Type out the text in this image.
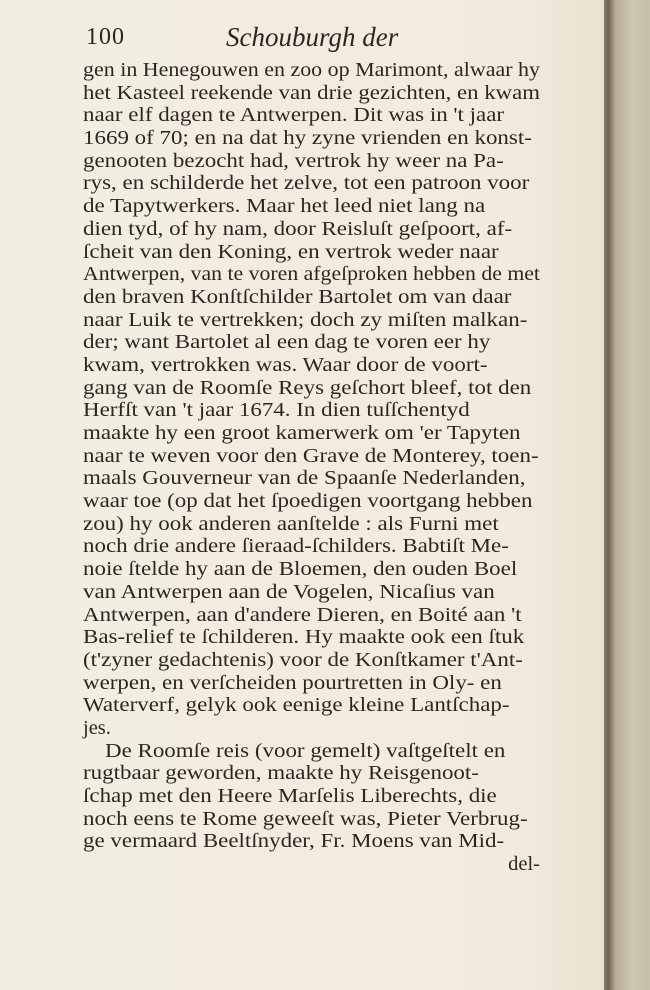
100	Schouburgh der
gen in Henegouwen en zoo op Marimont, alwaar hy
het Kasteel reekende van drie gezichten, en kwam
naar elf dagen te Antwerpen. Dit was in 't jaar
1669 of 70; en na dat hy zyne vrienden en konst-
genooten bezocht had, vertrok hy weer na Pa-
rys, en schilderde het zelve, tot een patroon voor
de Tapytwerkers. Maar het leed niet lang na
dien tyd, of hy nam, door Reisluſt geſpoort, af-
ſcheit van den Koning, en vertrok weder naar
Antwerpen, van te voren afgeſproken hebben de met
den braven Konſtſchilder Bartolet om van daar
naar Luik te vertrekken; doch zy miſten malkan-
der; want Bartolet al een dag te voren eer hy
kwam, vertrokken was. Waar door de voort-
gang van de Roomſe Reys geſchort bleef, tot den
Herfſt van 't jaar 1674. In dien tuſſchentyd
maakte hy een groot kamerwerk om 'er Tapyten
naar te weven voor den Grave de Monterey, toen-
maals Gouverneur van de Spaanſe Nederlanden,
waar toe (op dat het ſpoedigen voortgang hebben
zou) hy ook anderen aanſtelde : als Furni met
noch drie andere ſieraad-ſchilders. Babtiſt Me-
noie ſtelde hy aan de Bloemen, den ouden Boel
van Antwerpen aan de Vogelen, Nicaſius van
Antwerpen, aan d'andere Dieren, en Boité aan 't
Bas-relief te ſchilderen. Hy maakte ook een ſtuk
(t'zyner gedachtenis) voor de Konſtkamer t'Ant-
werpen, en verſcheiden pourtretten in Oly- en
Waterverf, gelyk ook eenige kleine Lantſchap-
jes.
De Roomſe reis (voor gemelt) vaſtgeſtelt en
rugtbaar geworden, maakte hy Reisgenoot-
ſchap met den Heere Marſelis Liberechts, die
noch eens te Rome geweeſt was, Pieter Verbrug-
ge vermaard Beeltſnyder, Fr. Moens van Mid-
del-
